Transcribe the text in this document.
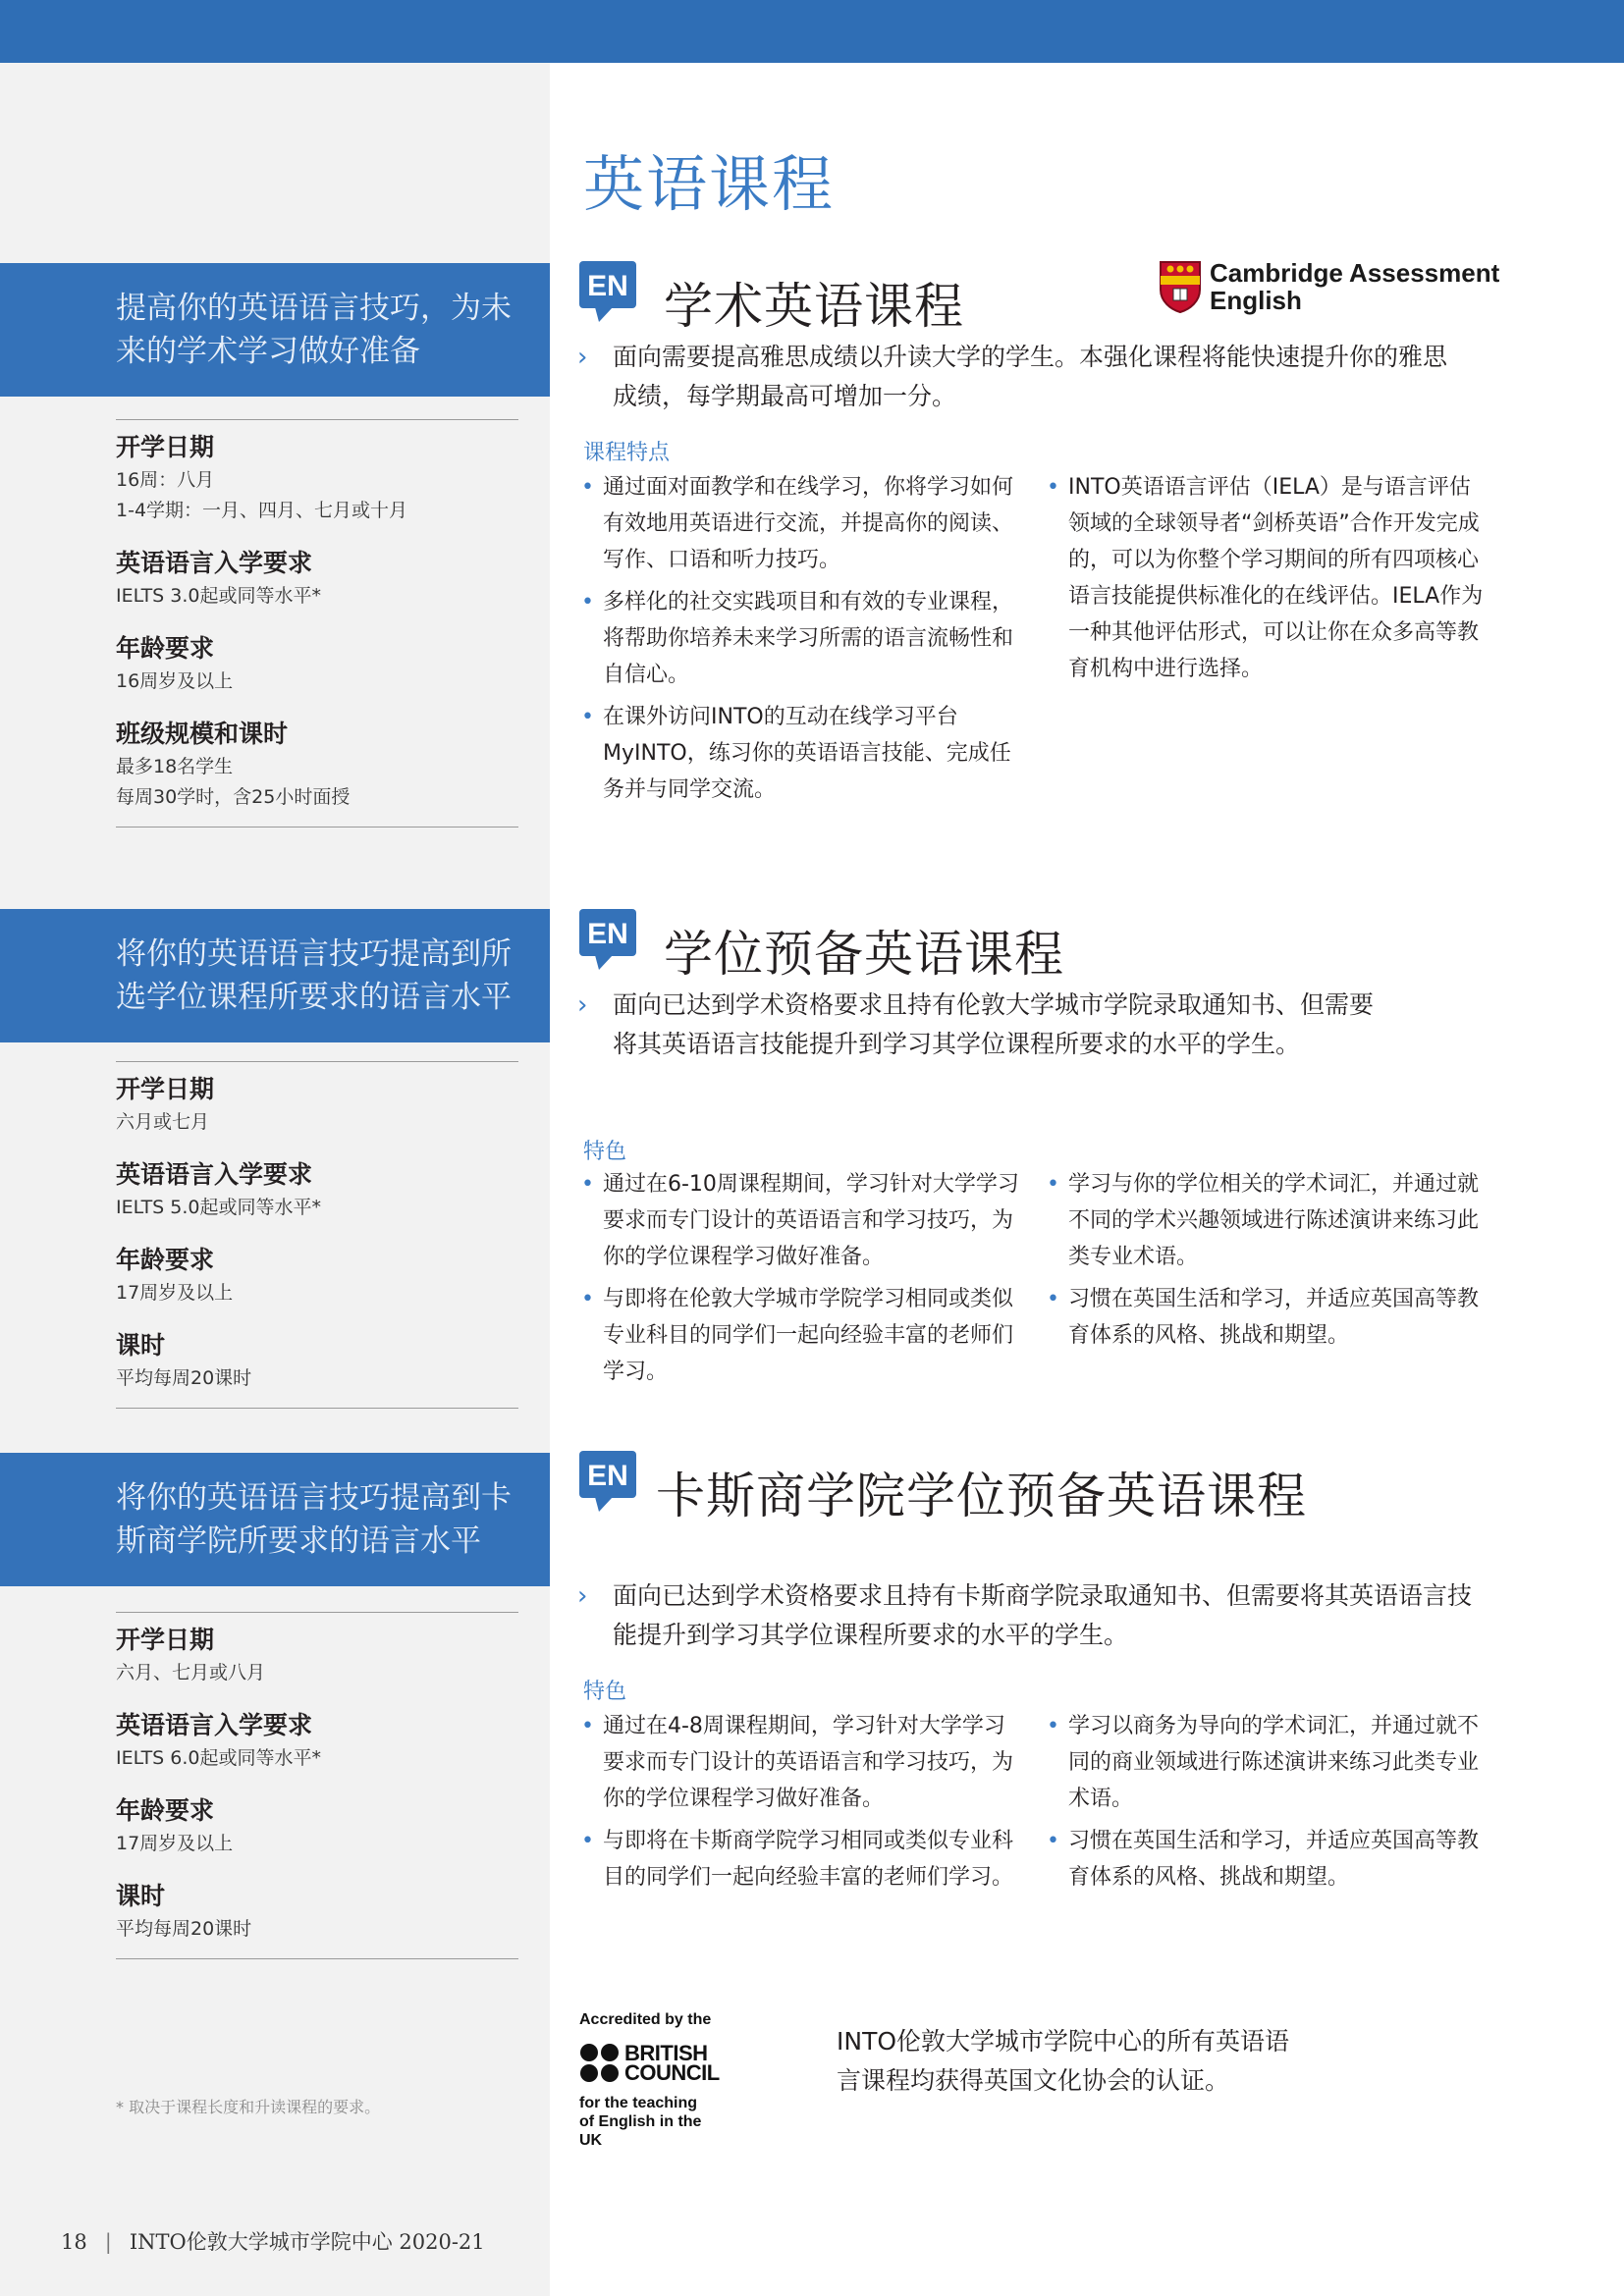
英语课程
提高你的英语语言技巧，为未来的学术学习做好准备
开学日期
16周：八月
1-4学期：一月、四月、七月或十月
英语语言入学要求
IELTS 3.0起或同等水平*
年龄要求
16周岁及以上
班级规模和课时
最多18名学生
每周30学时，含25小时面授
EN 学术英语课程
Cambridge Assessment
English
› 面向需要提高雅思成绩以升读大学的学生。本强化课程将能快速提升你的雅思成绩，每学期最高可增加一分。
课程特点
• 通过面对面教学和在线学习，你将学习如何有效地用英语进行交流，并提高你的阅读、写作、口语和听力技巧。
• 多样化的社交实践项目和有效的专业课程，将帮助你培养未来学习所需的语言流畅性和自信心。
• 在课外访问INTO的互动在线学习平台MyINTO，练习你的英语语言技能、完成任务并与同学交流。
• INTO英语语言评估（IELA）是与语言评估领域的全球领导者“剑桥英语”合作开发完成的，可以为你整个学习期间的所有四项核心语言技能提供标准化的在线评估。IELA作为一种其他评估形式，可以让你在众多高等教育机构中进行选择。
将你的英语语言技巧提高到所选学位课程所要求的语言水平
开学日期
六月或七月
英语语言入学要求
IELTS 5.0起或同等水平*
年龄要求
17周岁及以上
课时
平均每周20课时
EN 学位预备英语课程
› 面向已达到学术资格要求且持有伦敦大学城市学院录取通知书、但需要将其英语语言技能提升到学习其学位课程所要求的水平的学生。
特色
• 通过在6-10周课程期间，学习针对大学学习要求而专门设计的英语语言和学习技巧，为你的学位课程学习做好准备。
• 与即将在伦敦大学城市学院学习相同或类似专业科目的同学们一起向经验丰富的老师们学习。
• 学习与你的学位相关的学术词汇，并通过就不同的学术兴趣领域进行陈述演讲来练习此类专业术语。
• 习惯在英国生活和学习，并适应英国高等教育体系的风格、挑战和期望。
将你的英语语言技巧提高到卡斯商学院所要求的语言水平
开学日期
六月、七月或八月
英语语言入学要求
IELTS 6.0起或同等水平*
年龄要求
17周岁及以上
课时
平均每周20课时
EN 卡斯商学院学位预备英语课程
› 面向已达到学术资格要求且持有卡斯商学院录取通知书、但需要将其英语语言技能提升到学习其学位课程所要求的水平的学生。
特色
• 通过在4-8周课程期间，学习针对大学学习要求而专门设计的英语语言和学习技巧，为你的学位课程学习做好准备。
• 与即将在卡斯商学院学习相同或类似专业科目的同学们一起向经验丰富的老师们学习。
• 学习以商务为导向的学术词汇，并通过就不同的商业领域进行陈述演讲来练习此类专业术语。
• 习惯在英国生活和学习，并适应英国高等教育体系的风格、挑战和期望。
Accredited by the
BRITISH
COUNCIL
for the teaching
of English in the UK
INTO伦敦大学城市学院中心的所有英语语言课程均获得英国文化协会的认证。
* 取决于课程长度和升读课程的要求。
18 | INTO伦敦大学城市学院中心 2020-21
